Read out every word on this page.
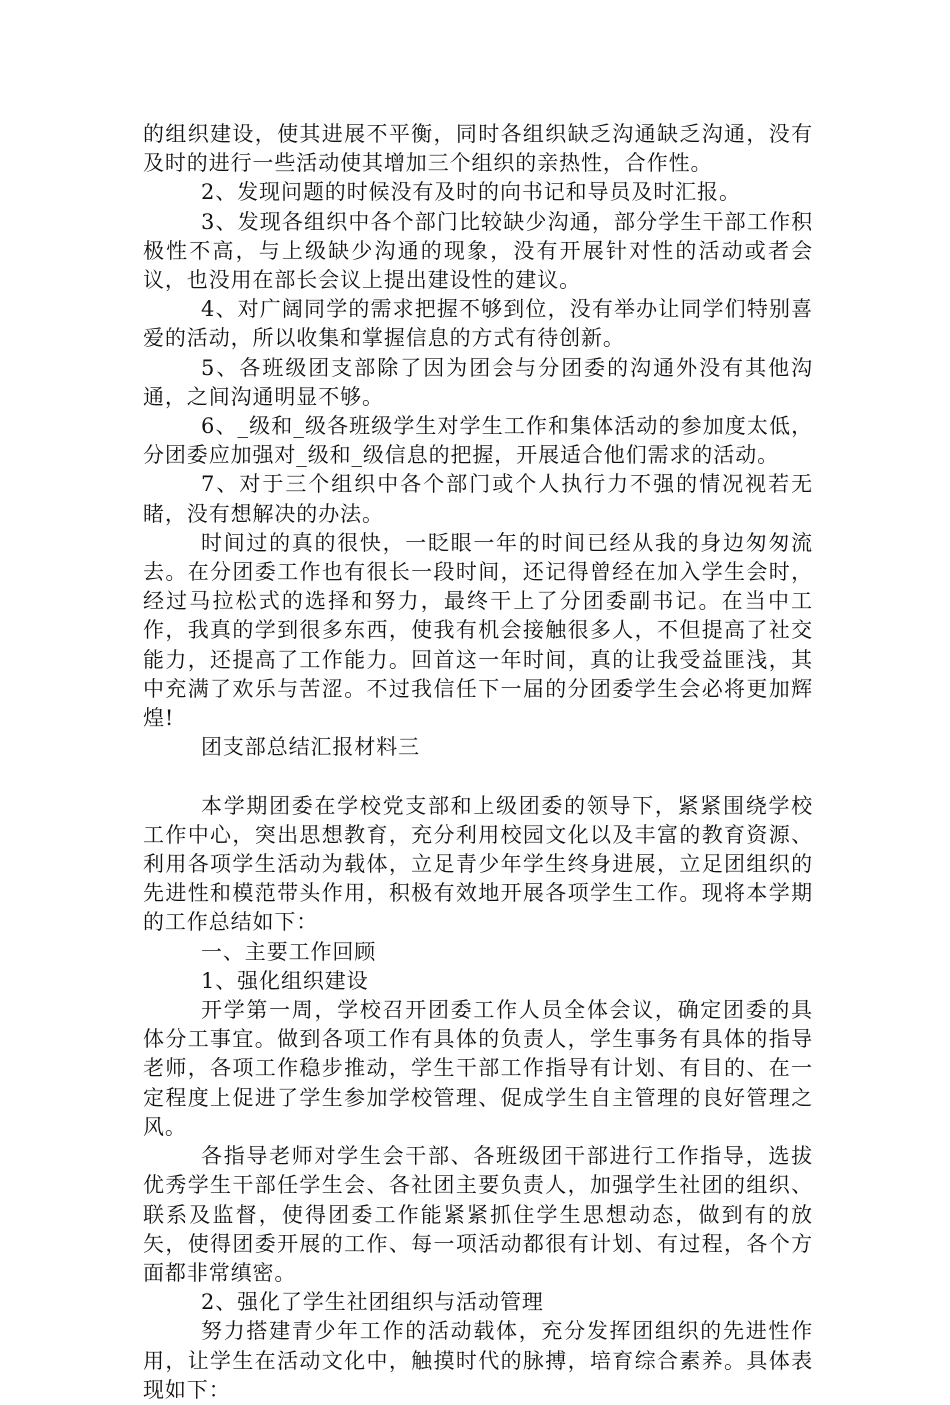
的组织建设，使其进展不平衡，同时各组织缺乏沟通缺乏沟通，没有及时的进行一些活动使其增加三个组织的亲热性，合作性。

2、发现问题的时候没有及时的向书记和导员及时汇报。

3、发现各组织中各个部门比较缺少沟通，部分学生干部工作积极性不高，与上级缺少沟通的现象，没有开展针对性的活动或者会议，也没用在部长会议上提出建设性的建议。

4、对广阔同学的需求把握不够到位，没有举办让同学们特别喜爱的活动，所以收集和掌握信息的方式有待创新。

5、各班级团支部除了因为团会与分团委的沟通外没有其他沟通，之间沟通明显不够。

6、_级和_级各班级学生对学生工作和集体活动的参加度太低，分团委应加强对_级和_级信息的把握，开展适合他们需求的活动。

7、对于三个组织中各个部门或个人执行力不强的情况视若无睹，没有想解决的办法。

时间过的真的很快，一眨眼一年的时间已经从我的身边匆匆流去。在分团委工作也有很长一段时间，还记得曾经在加入学生会时，经过马拉松式的选择和努力，最终干上了分团委副书记。在当中工作，我真的学到很多东西，使我有机会接触很多人，不但提高了社交能力，还提高了工作能力。回首这一年时间，真的让我受益匪浅，其中充满了欢乐与苦涩。不过我信任下一届的分团委学生会必将更加辉煌!

团支部总结汇报材料三

本学期团委在学校党支部和上级团委的领导下，紧紧围绕学校工作中心，突出思想教育，充分利用校园文化以及丰富的教育资源、利用各项学生活动为载体，立足青少年学生终身进展，立足团组织的先进性和模范带头作用，积极有效地开展各项学生工作。现将本学期的工作总结如下：

一、主要工作回顾

1、强化组织建设

开学第一周，学校召开团委工作人员全体会议，确定团委的具体分工事宜。做到各项工作有具体的负责人，学生事务有具体的指导老师，各项工作稳步推动，学生干部工作指导有计划、有目的、在一定程度上促进了学生参加学校管理、促成学生自主管理的良好管理之风。

各指导老师对学生会干部、各班级团干部进行工作指导，选拔优秀学生干部任学生会、各社团主要负责人，加强学生社团的组织、联系及监督，使得团委工作能紧紧抓住学生思想动态，做到有的放矢，使得团委开展的工作、每一项活动都很有计划、有过程，各个方面都非常缜密。

2、强化了学生社团组织与活动管理

努力搭建青少年工作的活动载体，充分发挥团组织的先进性作用，让学生在活动文化中，触摸时代的脉搏，培育综合素养。具体表现如下：
